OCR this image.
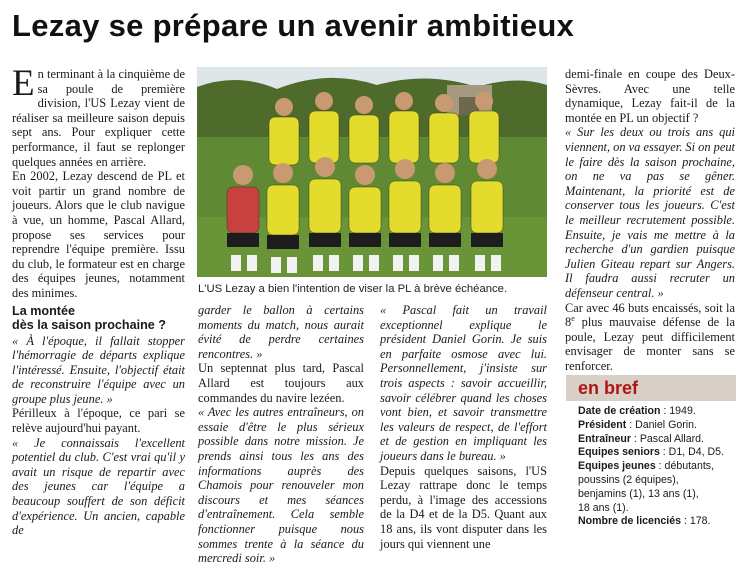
Lezay se prépare un avenir ambitieux

En terminant à la cinquième de sa poule de première division, l'US Lezay vient de réaliser sa meilleure saison depuis sept ans. Pour expliquer cette performance, il faut se replonger quelques années en arrière.

En 2002, Lezay descend de PL et voit partir un grand nombre de joueurs. Alors que le club navigue à vue, un homme, Pascal Allard, propose ses services pour reprendre l'équipe première. Issu du club, le formateur est en charge des équipes jeunes, notamment des minimes.

La montée
dès la saison prochaine ?

« À l'époque, il fallait stopper l'hémorragie de départs explique l'intéressé. Ensuite, l'objectif était de reconstruire l'équipe avec un groupe plus jeune. »

Périlleux à l'époque, ce pari se relève aujourd'hui payant.

« Je connaissais l'excellent potentiel du club. C'est vrai qu'il y avait un risque de repartir avec des jeunes car l'équipe a beaucoup souffert de son déficit d'expérience. Un ancien, capable de

L'US Lezay a bien l'intention de viser la PL à brève échéance.

garder le ballon à certains moments du match, nous aurait évité de perdre certaines rencontres. »

Un septennat plus tard, Pascal Allard est toujours aux commandes du navire lezéen.

« Avec les autres entraîneurs, on essaie d'être le plus sérieux possible dans notre mission. Je prends ainsi tous les ans des informations auprès des Chamois pour renouveler mon discours et mes séances d'entraînement. Cela semble fonctionner puisque nous sommes trente à la séance du mercredi soir. »

« Pascal fait un travail exceptionnel explique le président Daniel Gorin. Je suis en parfaite osmose avec lui. Personnellement, j'insiste sur trois aspects : savoir accueillir, savoir célébrer quand les choses vont bien, et savoir transmettre les valeurs de respect, de l'effort et de gestion en impliquant les joueurs dans le bureau. »

Depuis quelques saisons, l'US Lezay rattrape donc le temps perdu, à l'image des accessions de la D4 et de la D5. Quant aux 18 ans, ils vont disputer dans les jours qui viennent une

demi-finale en coupe des Deux-Sèvres. Avec une telle dynamique, Lezay fait-il de la montée en PL un objectif ?

« Sur les deux ou trois ans qui viennent, on va essayer. Si on peut le faire dès la saison prochaine, on ne va pas se gêner. Maintenant, la priorité est de conserver tous les joueurs. C'est le meilleur recrutement possible. Ensuite, je vais me mettre à la recherche d'un gardien puisque Julien Giteau repart sur Angers. Il faudra aussi recruter un défenseur central. »

Car avec 46 buts encaissés, soit la 8e plus mauvaise défense de la poule, Lezay peut difficilement envisager de monter sans se renforcer.

en bref
Date de création : 1949.
Président : Daniel Gorin.
Entraîneur : Pascal Allard.
Equipes seniors : D1, D4, D5.
Equipes jeunes : débutants,
poussins (2 équipes),
benjamins (1), 13 ans (1),
18 ans (1).
Nombre de licenciés : 178.
